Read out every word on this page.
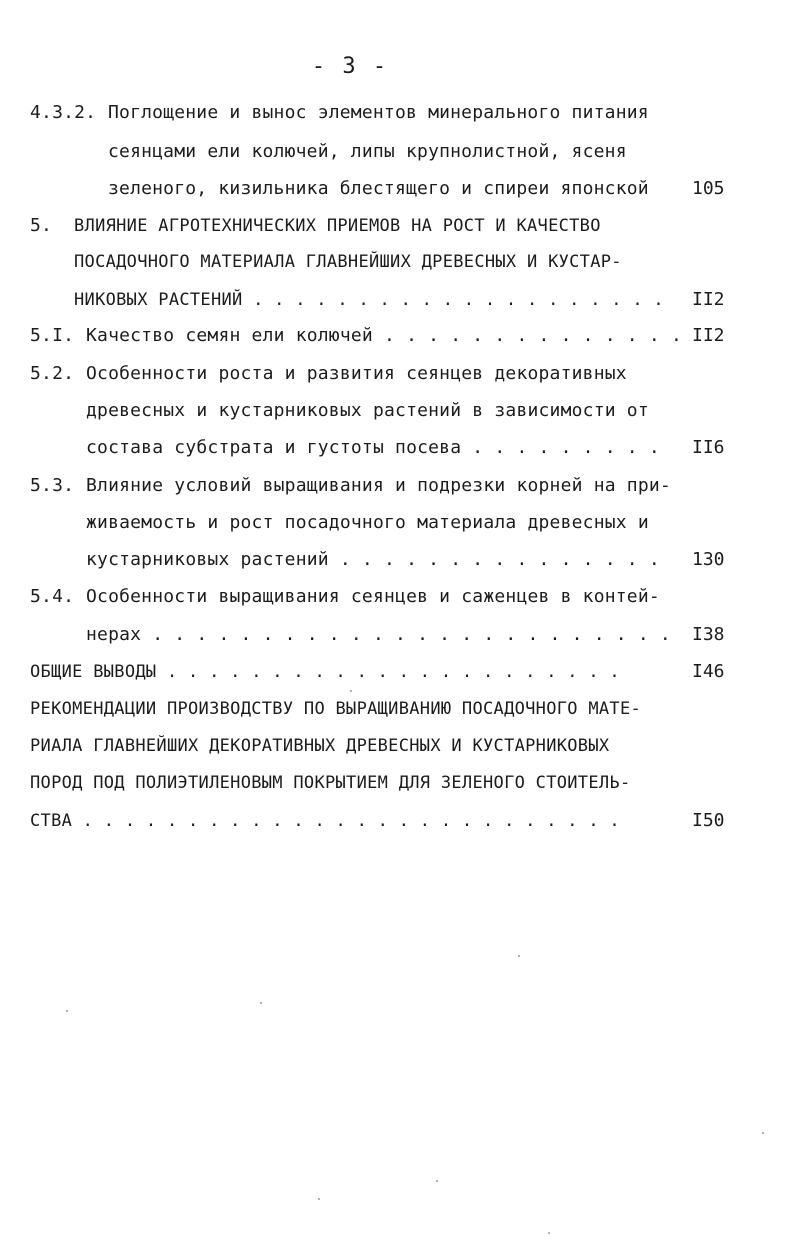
- 3 -
4.3.2. Поглощение и вынос элементов минерального питания
сеянцами ели колючей, липы крупнолистной, ясеня
зеленого, кизильника блестящего и спиреи японской 105
5. ВЛИЯНИЕ АГРОТЕХНИЧЕСКИХ ПРИЕМОВ НА РОСТ И КАЧЕСТВО
ПОСАДОЧНОГО МАТЕРИАЛА ГЛАВНЕЙШИХ ДРЕВЕСНЫХ И КУСТАР-
НИКОВЫХ РАСТЕНИЙ . . . . . . . . . . . . . . . . . . . . II2
5.I. Качество семян ели колючей . . . . . . . . . . . . . . II2
5.2. Особенности роста и развития сеянцев декоративных
древесных и кустарниковых растений в зависимости от
состава субстрата и густоты посева . . . . . . . . . II6
5.3. Влияние условий выращивания и подрезки корней на при-
живаемость и рост посадочного материала древесных и
кустарниковых растений . . . . . . . . . . . . . . . 130
5.4. Особенности выращивания сеянцев и саженцев в контей-
нерах . . . . . . . . . . . . . . . . . . . . . . . . I38
ОБЩИЕ ВЫВОДЫ . . . . . . . . . . . . . . . . . . . . . .	I46
РЕКОМЕНДАЦИИ ПРОИЗВОДСТВУ ПО ВЫРАЩИВАНИЮ ПОСАДОЧНОГО МАТЕ-
РИАЛА ГЛАВНЕЙШИХ ДЕКОРАТИВНЫХ ДРЕВЕСНЫХ И КУСТАРНИКОВЫХ
ПОРОД ПОД ПОЛИЭТИЛЕНОВЫМ ПОКРЫТИЕМ ДЛЯ ЗЕЛЕНОГО СТОИТЕЛЬ-
СТВА . . . . . . . . . . . . . . . . . . . . . . . . . .	I50
